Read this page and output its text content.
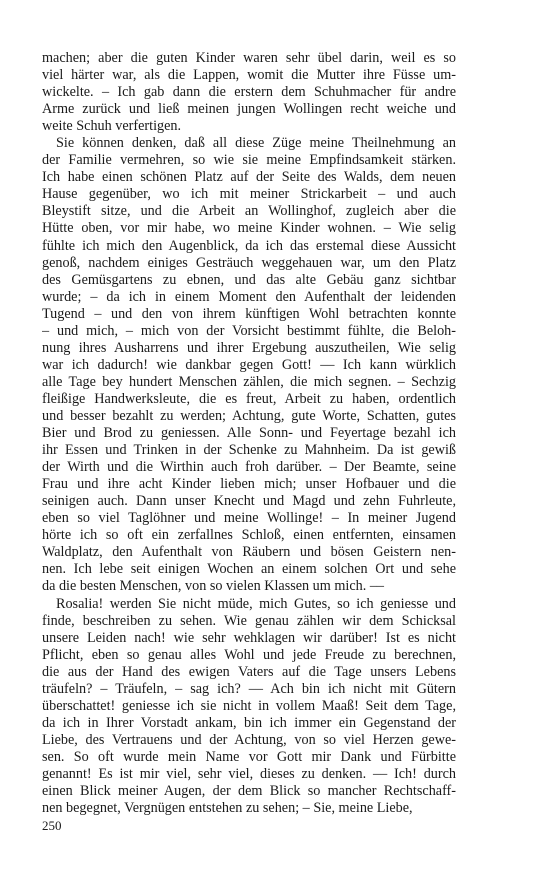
machen; aber die guten Kinder waren sehr übel darin, weil es so
viel härter war, als die Lappen, womit die Mutter ihre Füsse um-
wickelte. – Ich gab dann die erstern dem Schuhmacher für andre
Arme zurück und ließ meinen jungen Wollingen recht weiche und
weite Schuh verfertigen.
Sie können denken, daß all diese Züge meine Theilnehmung an
der Familie vermehren, so wie sie meine Empfindsamkeit stärken.
Ich habe einen schönen Platz auf der Seite des Walds, dem neuen
Hause gegenüber, wo ich mit meiner Strickarbeit – und auch
Bleystift sitze, und die Arbeit an Wollinghof, zugleich aber die
Hütte oben, vor mir habe, wo meine Kinder wohnen. – Wie selig
fühlte ich mich den Augenblick, da ich das erstemal diese Aussicht
genoß, nachdem einiges Gesträuch weggehauen war, um den Platz
des Gemüsgartens zu ebnen, und das alte Gebäu ganz sichtbar
wurde; – da ich in einem Moment den Aufenthalt der leidenden
Tugend – und den von ihrem künftigen Wohl betrachten konnte
– und mich, – mich von der Vorsicht bestimmt fühlte, die Beloh-
nung ihres Ausharrens und ihrer Ergebung auszutheilen, Wie selig
war ich dadurch! wie dankbar gegen Gott! –– Ich kann würklich
alle Tage bey hundert Menschen zählen, die mich segnen. – Sechzig
fleißige Handwerksleute, die es freut, Arbeit zu haben, ordentlich
und besser bezahlt zu werden; Achtung, gute Worte, Schatten, gutes
Bier und Brod zu geniessen. Alle Sonn- und Feyertage bezahl ich
ihr Essen und Trinken in der Schenke zu Mahnheim. Da ist gewiß
der Wirth und die Wirthin auch froh darüber. – Der Beamte, seine
Frau und ihre acht Kinder lieben mich; unser Hofbauer und die
seinigen auch. Dann unser Knecht und Magd und zehn Fuhrleute,
eben so viel Taglöhner und meine Wollinge! – In meiner Jugend
hörte ich so oft ein zerfallnes Schloß, einen entfernten, einsamen
Waldplatz, den Aufenthalt von Räubern und bösen Geistern nen-
nen. Ich lebe seit einigen Wochen an einem solchen Ort und sehe
da die besten Menschen, von so vielen Klassen um mich. ––
Rosalia! werden Sie nicht müde, mich Gutes, so ich geniesse und
finde, beschreiben zu sehen. Wie genau zählen wir dem Schicksal
unsere Leiden nach! wie sehr wehklagen wir darüber! Ist es nicht
Pflicht, eben so genau alles Wohl und jede Freude zu berechnen,
die aus der Hand des ewigen Vaters auf die Tage unsers Lebens
träufeln? – Träufeln, – sag ich? –– Ach bin ich nicht mit Gütern
überschattet! geniesse ich sie nicht in vollem Maaß! Seit dem Tage,
da ich in Ihrer Vorstadt ankam, bin ich immer ein Gegenstand der
Liebe, des Vertrauens und der Achtung, von so viel Herzen gewe-
sen. So oft wurde mein Name vor Gott mir Dank und Fürbitte
genannt! Es ist mir viel, sehr viel, dieses zu denken. –– Ich! durch
einen Blick meiner Augen, der dem Blick so mancher Rechtschaff-
nen begegnet, Vergnügen entstehen zu sehen; – Sie, meine Liebe,
250
